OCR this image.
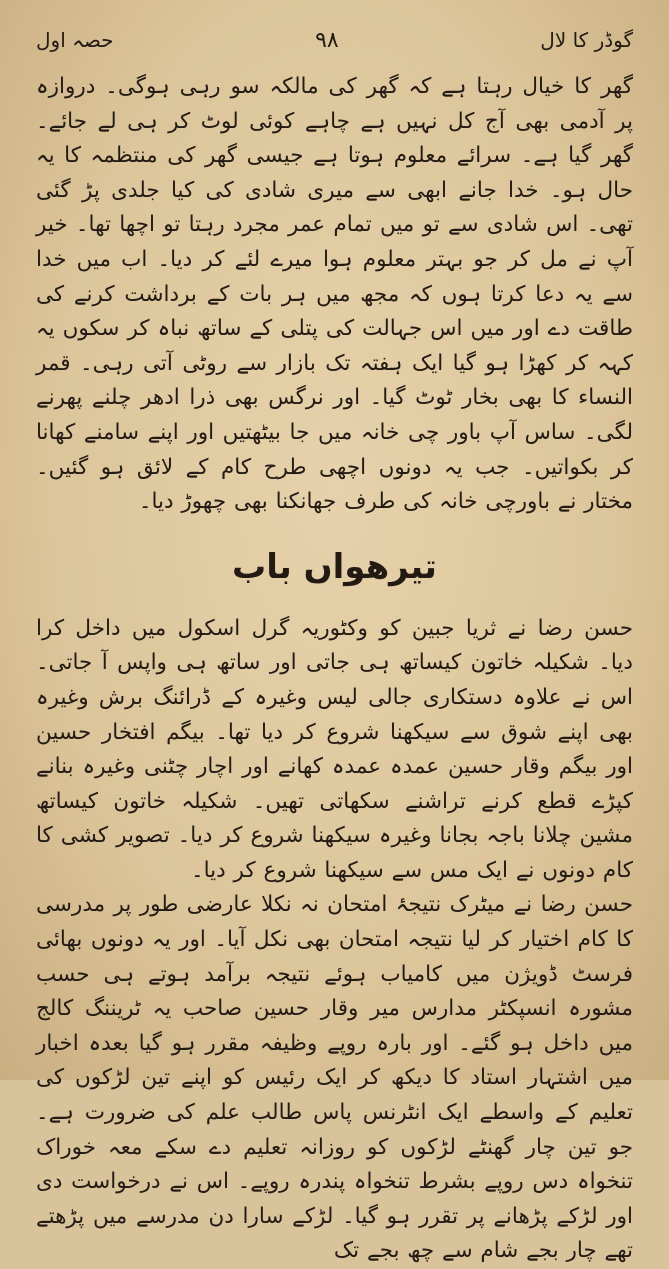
حصہ اول	۹۸	گوڈر کا لال

گھر کا خیال رہتا ہے کہ گھر کی مالکہ سو رہی ہوگی۔ دروازہ پر آدمی بھی آج کل نہیں ہے چاہے کوئی لوٹ کر ہی لے جائے۔ گھر گیا ہے۔ سرائے معلوم ہوتا ہے جیسی گھر کی منتظمہ کا یہ حال ہو۔ خدا جانے ابھی سے میری شادی کی کیا جلدی پڑ گئی تھی۔ اس شادی سے تو میں تمام عمر مجرد رہتا تو اچھا تھا۔ خیر آپ نے مل کر جو بہتر معلوم ہوا میرے لئے کر دیا۔ اب میں خدا سے یہ دعا کرتا ہوں کہ مجھ میں ہر بات کے برداشت کرنے کی طاقت دے اور میں اس جہالت کی پتلی کے ساتھ نباہ کر سکوں یہ کہہ کر کھڑا ہو گیا ایک ہفتہ تک بازار سے روٹی آتی رہی۔ قمر النساء کا بھی بخار ٹوٹ گیا۔ اور نرگس بھی ذرا ادھر چلنے پھرنے لگی۔ ساس آپ باور چی خانہ میں جا بیٹھتیں اور اپنے سامنے کھانا کر بکواتیں۔ جب یہ دونوں اچھی طرح کام کے لائق ہو گئیں۔ مختار نے باورچی خانہ کی طرف جھانکنا بھی چھوڑ دیا۔

تیرھواں باب

حسن رضا نے ثریا جبین کو وکٹوریہ گرل اسکول میں داخل کرا دیا۔ شکیلہ خاتون کیساتھ ہی جاتی اور ساتھ ہی واپس آ جاتی۔ اس نے علاوہ دستکاری جالی لیس وغیرہ کے ڈرائنگ برش وغیرہ بھی اپنے شوق سے سیکھنا شروع کر دیا تھا۔ بیگم افتخار حسین اور بیگم وقار حسین عمدہ عمدہ کھانے اور اچار چٹنی وغیرہ بنانے کپڑے قطع کرنے تراشنے سکھاتی تھیں۔ شکیلہ خاتون کیساتھ مشین چلانا باجہ بجانا وغیرہ سیکھنا شروع کر دیا۔ تصویر کشی کا کام دونوں نے ایک مس سے سیکھنا شروع کر دیا۔

حسن رضا نے میٹرک نتیجۂ امتحان نہ نکلا عارضی طور پر مدرسی کا کام اختیار کر لیا نتیجہ امتحان بھی نکل آیا۔ اور یہ دونوں بھائی فرسٹ ڈویژن میں کامیاب ہوئے نتیجہ برآمد ہوتے ہی حسب مشورہ انسپکٹر مدارس میر وقار حسین صاحب یہ ٹریننگ کالج میں داخل ہو گئے۔ اور بارہ روپے وظیفہ مقرر ہو گیا بعدہ اخبار میں اشتہار استاد کا دیکھ کر ایک رئیس کو اپنے تین لڑکوں کی تعلیم کے واسطے ایک انٹرنس پاس طالب علم کی ضرورت ہے۔ جو تین چار گھنٹے لڑکوں کو روزانہ تعلیم دے سکے معہ خوراک تنخواہ دس روپے بشرط تنخواہ پندرہ روپے۔ اس نے درخواست دی اور لڑکے پڑھانے پر تقرر ہو گیا۔ لڑکے سارا دن مدرسے میں پڑھتے تھے چار بجے شام سے چھ بجے تک
